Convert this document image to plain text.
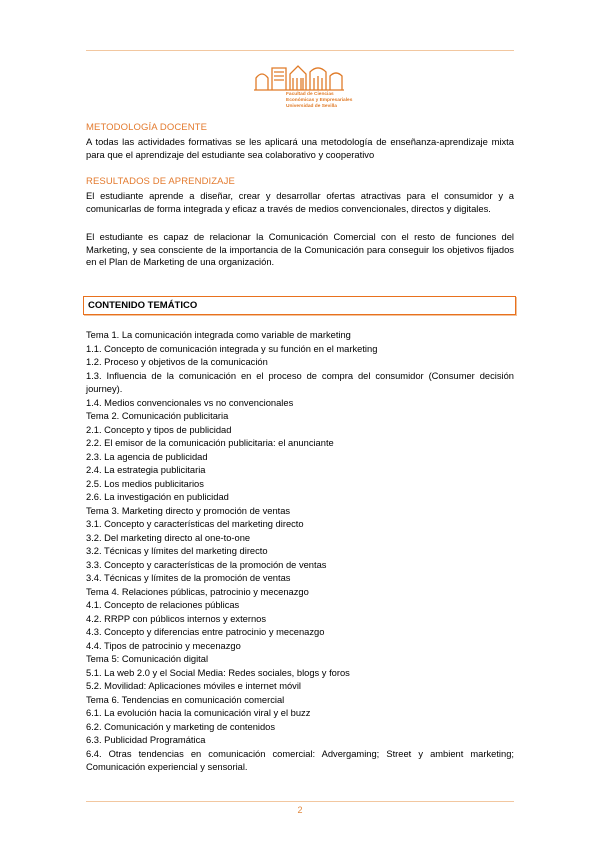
Facultad de Ciencias
Económicas y Empresariales
Universidad de Sevilla
METODOLOGÍA DOCENTE
A todas las actividades formativas se les aplicará una metodología de enseñanza-aprendizaje mixta para que el aprendizaje del estudiante sea colaborativo y cooperativo
RESULTADOS DE APRENDIZAJE
El estudiante aprende a diseñar, crear y desarrollar ofertas atractivas para el consumidor y a comunicarlas de forma integrada y eficaz a través de medios convencionales, directos y digitales.
El estudiante es capaz de relacionar la Comunicación Comercial con el resto de funciones del Marketing, y sea consciente de la importancia de la Comunicación para conseguir los objetivos fijados en el Plan de Marketing de una organización.
CONTENIDO TEMÁTICO
Tema 1. La comunicación integrada como variable de marketing
1.1. Concepto de comunicación integrada y su función en el marketing
1.2. Proceso y objetivos de la comunicación
1.3. Influencia de la comunicación en el proceso de compra del consumidor (Consumer decisión journey).
1.4. Medios convencionales vs no convencionales
Tema 2. Comunicación publicitaria
2.1. Concepto y tipos de publicidad
2.2. El emisor de la comunicación publicitaria: el anunciante
2.3. La agencia de publicidad
2.4. La estrategia publicitaria
2.5. Los medios publicitarios
2.6. La investigación en publicidad
Tema 3. Marketing directo y promoción de ventas
3.1. Concepto y características del marketing directo
3.2. Del marketing directo al one-to-one
3.2. Técnicas y límites del marketing directo
3.3. Concepto y características de la promoción de ventas
3.4. Técnicas y límites de la promoción de ventas
Tema 4. Relaciones públicas, patrocinio y mecenazgo
4.1. Concepto de relaciones públicas
4.2. RRPP con públicos internos y externos
4.3. Concepto y diferencias entre patrocinio y mecenazgo
4.4. Tipos de patrocinio y mecenazgo
Tema 5: Comunicación digital
5.1. La web 2.0 y el Social Media: Redes sociales, blogs y foros
5.2. Movilidad: Aplicaciones móviles e internet móvil
Tema 6. Tendencias en comunicación comercial
6.1. La evolución hacia la comunicación viral y el buzz
6.2. Comunicación y marketing de contenidos
6.3. Publicidad Programática
6.4. Otras tendencias en comunicación comercial: Advergaming; Street y ambient marketing; Comunicación experiencial y sensorial.
2
